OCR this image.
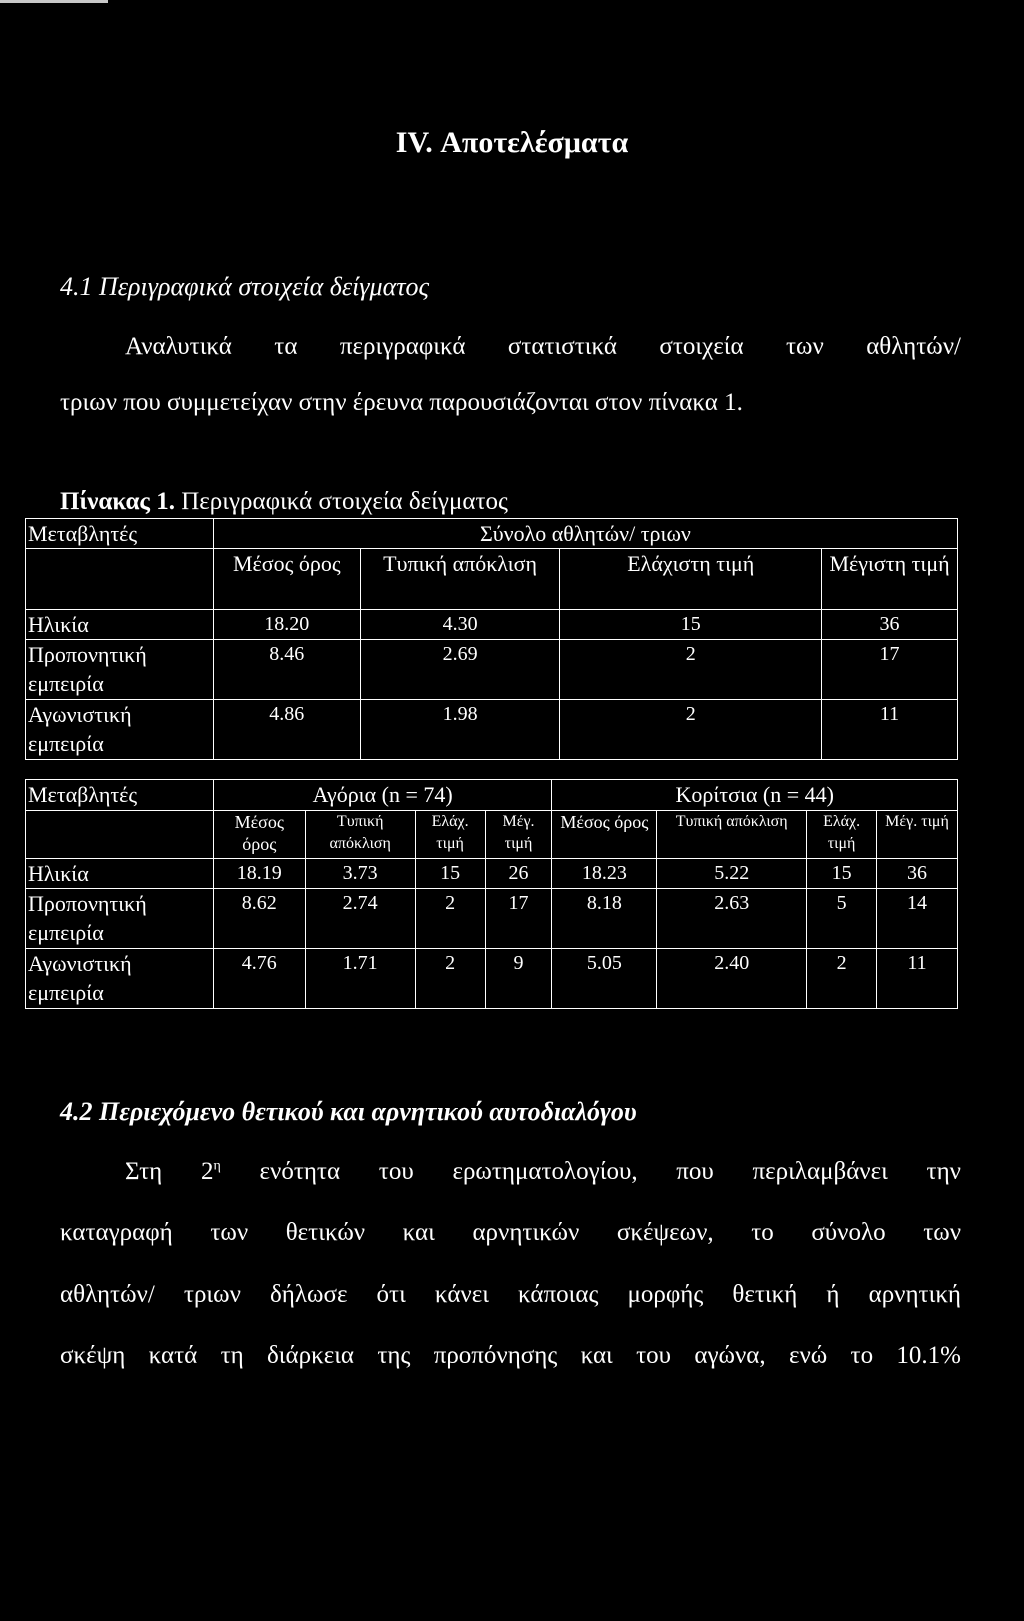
IV. Αποτελέσματα
4.1 Περιγραφικά στοιχεία δείγματος
Αναλυτικά τα περιγραφικά στατιστικά στοιχεία των αθλητών/
τριων που συμμετείχαν στην έρευνα παρουσιάζονται στον πίνακα 1.
Πίνακας 1. Περιγραφικά στοιχεία δείγματος
Μεταβλητές	Σύνολο αθλητών/ τριων			
	Μέσος όρος	Τυπική απόκλιση	Ελάχιστη τιμή	Μέγιστη τιμή
Ηλικία	18.20	4.30	15	36
Προπονητική εμπειρία	8.46	2.69	2	17
Αγωνιστική εμπειρία	4.86	1.98	2	11
Μεταβλητές	Αγόρια (n = 74)				Κορίτσια (n = 44)			
	Μέσος όρος	Τυπική απόκλιση	Ελάχ. τιμή	Μέγ. τιμή	Μέσος όρος	Τυπική απόκλιση	Ελάχ. τιμή	Μέγ. τιμή
Ηλικία	18.19	3.73	15	26	18.23	5.22	15	36
Προπονητική εμπειρία	8.62	2.74	2	17	8.18	2.63	5	14
Αγωνιστική εμπειρία	4.76	1.71	2	9	5.05	2.40	2	11
4.2 Περιεχόμενο θετικού και αρνητικού αυτοδιαλόγου
Στη $2^\eta$ ενότητα του ερωτηματολογίου, που περιλαμβάνει την
καταγραφή των θετικών και αρνητικών σκέψεων, το σύνολο των
αθλητών/ τριων δήλωσε ότι κάνει κάποιας μορφής θετική ή αρνητική
σκέψη κατά τη διάρκεια της προπόνησης και του αγώνα, ενώ το 10.1%
